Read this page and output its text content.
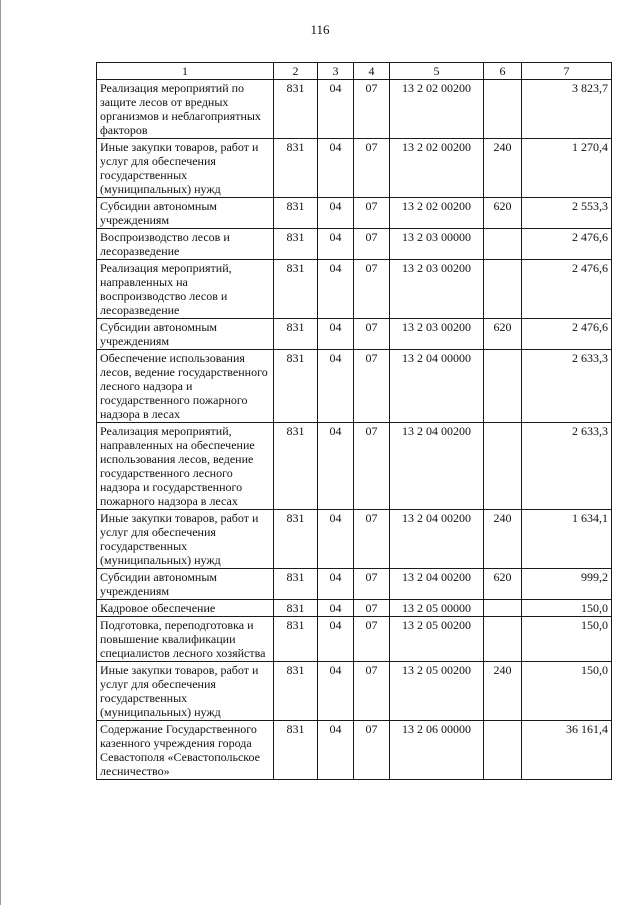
116
1	2	3	4	5	6	7
Реализация мероприятий по защите лесов от вредных организмов и неблагоприятных факторов	831	04	07	13 2 02 00200		3 823,7
Иные закупки товаров, работ и услуг для обеспечения государственных (муниципальных) нужд	831	04	07	13 2 02 00200	240	1 270,4
Субсидии автономным учреждениям	831	04	07	13 2 02 00200	620	2 553,3
Воспроизводство лесов и лесоразведение	831	04	07	13 2 03 00000		2 476,6
Реализация мероприятий, направленных на воспроизводство лесов и лесоразведение	831	04	07	13 2 03 00200		2 476,6
Субсидии автономным учреждениям	831	04	07	13 2 03 00200	620	2 476,6
Обеспечение использования лесов, ведение государственного лесного надзора и государственного пожарного надзора в лесах	831	04	07	13 2 04 00000		2 633,3
Реализация мероприятий, направленных на обеспечение использования лесов, ведение государственного лесного надзора и государственного пожарного надзора в лесах	831	04	07	13 2 04 00200		2 633,3
Иные закупки товаров, работ и услуг для обеспечения государственных (муниципальных) нужд	831	04	07	13 2 04 00200	240	1 634,1
Субсидии автономным учреждениям	831	04	07	13 2 04 00200	620	999,2
Кадровое обеспечение	831	04	07	13 2 05 00000		150,0
Подготовка, переподготовка и повышение квалификации специалистов лесного хозяйства	831	04	07	13 2 05 00200		150,0
Иные закупки товаров, работ и услуг для обеспечения государственных (муниципальных) нужд	831	04	07	13 2 05 00200	240	150,0
Содержание Государственного казенного учреждения города Севастополя «Севастопольское лесничество»	831	04	07	13 2 06 00000		36 161,4
